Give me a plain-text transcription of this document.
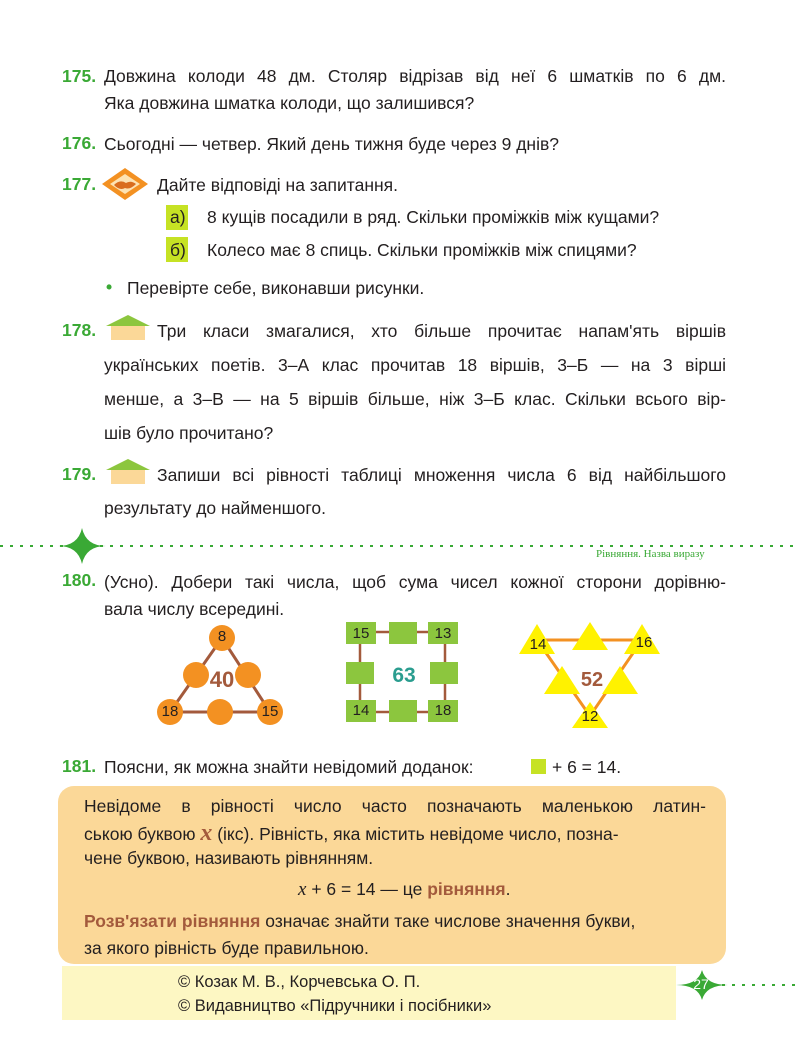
175. Довжина колоди 48 дм. Столяр відрізав від неї 6 шматків по 6 дм.
Яка довжина шматка колоди, що залишився?
176. Сьогодні — четвер. Який день тижня буде через 9 днів?
177.	Дайте відповіді на запитання.
а) 8 кущів посадили в ряд. Скільки проміжків між кущами?
б) Колесо має 8 спиць. Скільки проміжків між спицями?
• Перевірте себе, виконавши рисунки.
178.	Три класи змагалися, хто більше прочитає напам'ять віршів
українських поетів. 3–А клас прочитав 18 віршів, 3–Б — на 3 вірші
менше, а 3–В — на 5 віршів більше, ніж 3–Б клас. Скільки всього вір-
шів було прочитано?
179.	Запиши всі рівності таблиці множення числа 6 від найбільшого
результату до найменшого.
Рівняння. Назва виразу
180. (Усно). Добери такі числа, щоб сума чисел кожної сторони дорівню-
вала числу всередині.
8
40
18	15
15	13
63
14	18
14	16
52
12
181. Поясни, як можна знайти невідомий доданок:	+ 6 = 14.
Невідоме в рівності число часто позначають маленькою латин-
ською буквою x (ікс). Рівність, яка містить невідоме число, позна-
чене буквою, називають рівнянням.
x + 6 = 14 — це рівняння.
Розв'язати рівняння означає знайти таке числове значення букви,
за якого рівність буде правильною.
© Козак М. В., Корчевська О. П.
© Видавництво «Підручники і посібники»
27
